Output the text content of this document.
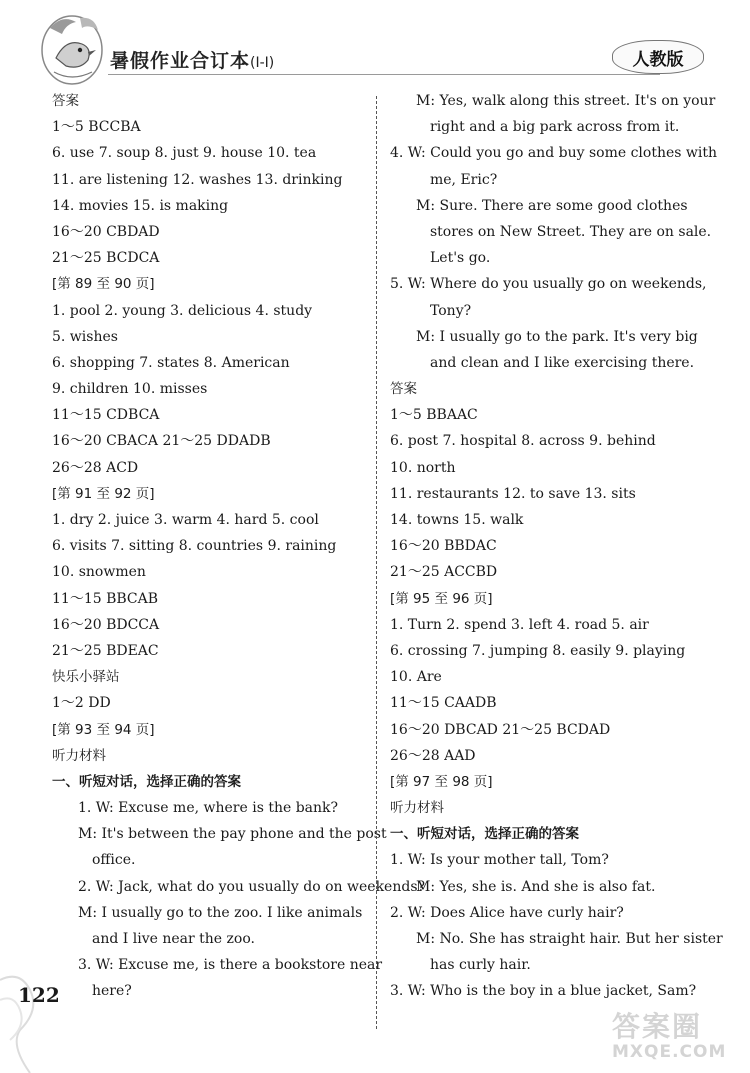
暑假作业合订本(Ⅰ-Ⅰ)	人教版
答案
1～5 BCCBA
6. use 7. soup 8. just 9. house 10. tea
11. are listening 12. washes 13. drinking
14. movies 15. is making
16～20 CBDAD
21～25 BCDCA
[第 89 至 90 页]
1. pool 2. young 3. delicious 4. study
5. wishes
6. shopping 7. states 8. American
9. children 10. misses
11～15 CDBCA
16～20 CBACA 21～25 DDADB
26～28 ACD
[第 91 至 92 页]
1. dry 2. juice 3. warm 4. hard 5. cool
6. visits 7. sitting 8. countries 9. raining
10. snowmen
11～15 BBCAB
16～20 BDCCA
21～25 BDEAC
快乐小驿站
1～2 DD
[第 93 至 94 页]
听力材料
一、听短对话，选择正确的答案
1. W: Excuse me, where is the bank?
M: It's between the pay phone and the post
office.
2. W: Jack, what do you usually do on weekends?
M: I usually go to the zoo. I like animals
and I live near the zoo.
3. W: Excuse me, is there a bookstore near
here?
M: Yes, walk along this street. It's on your
right and a big park across from it.
4. W: Could you go and buy some clothes with
me, Eric?
M: Sure. There are some good clothes
stores on New Street. They are on sale.
Let's go.
5. W: Where do you usually go on weekends,
Tony?
M: I usually go to the park. It's very big
and clean and I like exercising there.
答案
1～5 BBAAC
6. post 7. hospital 8. across 9. behind
10. north
11. restaurants 12. to save 13. sits
14. towns 15. walk
16～20 BBDAC
21～25 ACCBD
[第 95 至 96 页]
1. Turn 2. spend 3. left 4. road 5. air
6. crossing 7. jumping 8. easily 9. playing
10. Are
11～15 CAADB
16～20 DBCAD 21～25 BCDAD
26～28 AAD
[第 97 至 98 页]
听力材料
一、听短对话，选择正确的答案
1. W: Is your mother tall, Tom?
M: Yes, she is. And she is also fat.
2. W: Does Alice have curly hair?
M: No. She has straight hair. But her sister
has curly hair.
3. W: Who is the boy in a blue jacket, Sam?
122
答案圈
MXQE.COM
